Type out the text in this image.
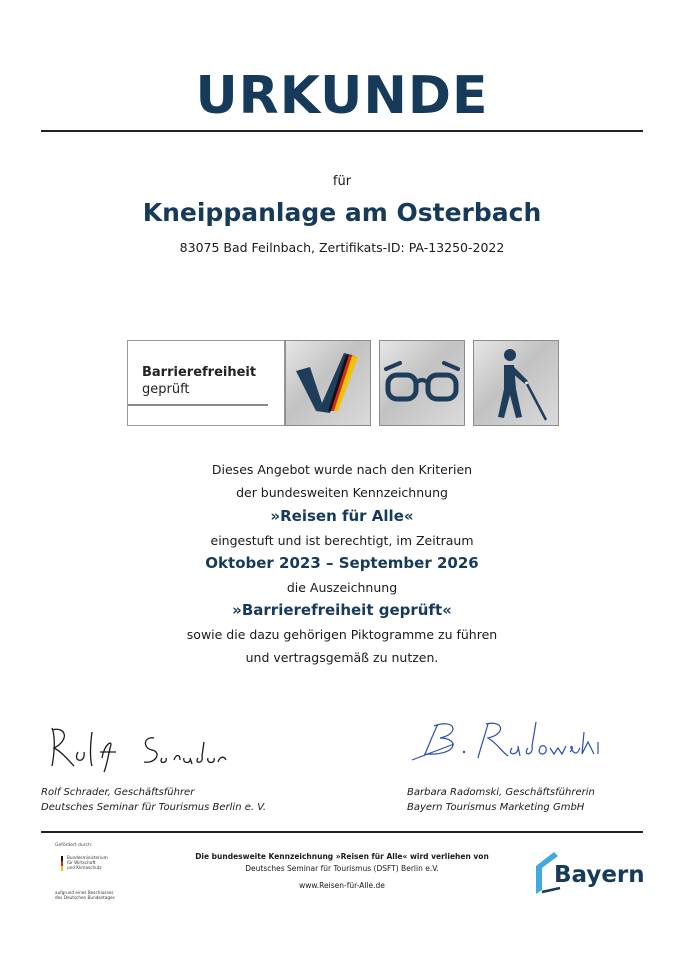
URKUNDE
für
Kneippanlage am Osterbach
83075 Bad Feilnbach, Zertifikats-ID: PA-13250-2022
Barrierefreiheit
geprüft
Dieses Angebot wurde nach den Kriterien
der bundesweiten Kennzeichnung
»Reisen für Alle«
eingestuft und ist berechtigt, im Zeitraum
Oktober 2023 – September 2026
die Auszeichnung
»Barrierefreiheit geprüft«
sowie die dazu gehörigen Piktogramme zu führen
und vertragsgemäß zu nutzen.
Rolf Schrader, Geschäftsführer
Deutsches Seminar für Tourismus Berlin e. V.
Barbara Radomski, Geschäftsführerin
Bayern Tourismus Marketing GmbH
Gefördert durch:
Bundesministerium
für Wirtschaft
und Klimaschutz
aufgrund eines Beschlusses
des Deutschen Bundestages
Die bundesweite Kennzeichnung »Reisen für Alle« wird verliehen von
Deutsches Seminar für Tourismus (DSFT) Berlin e.V.
www.Reisen-für-Alle.de	Bayern
